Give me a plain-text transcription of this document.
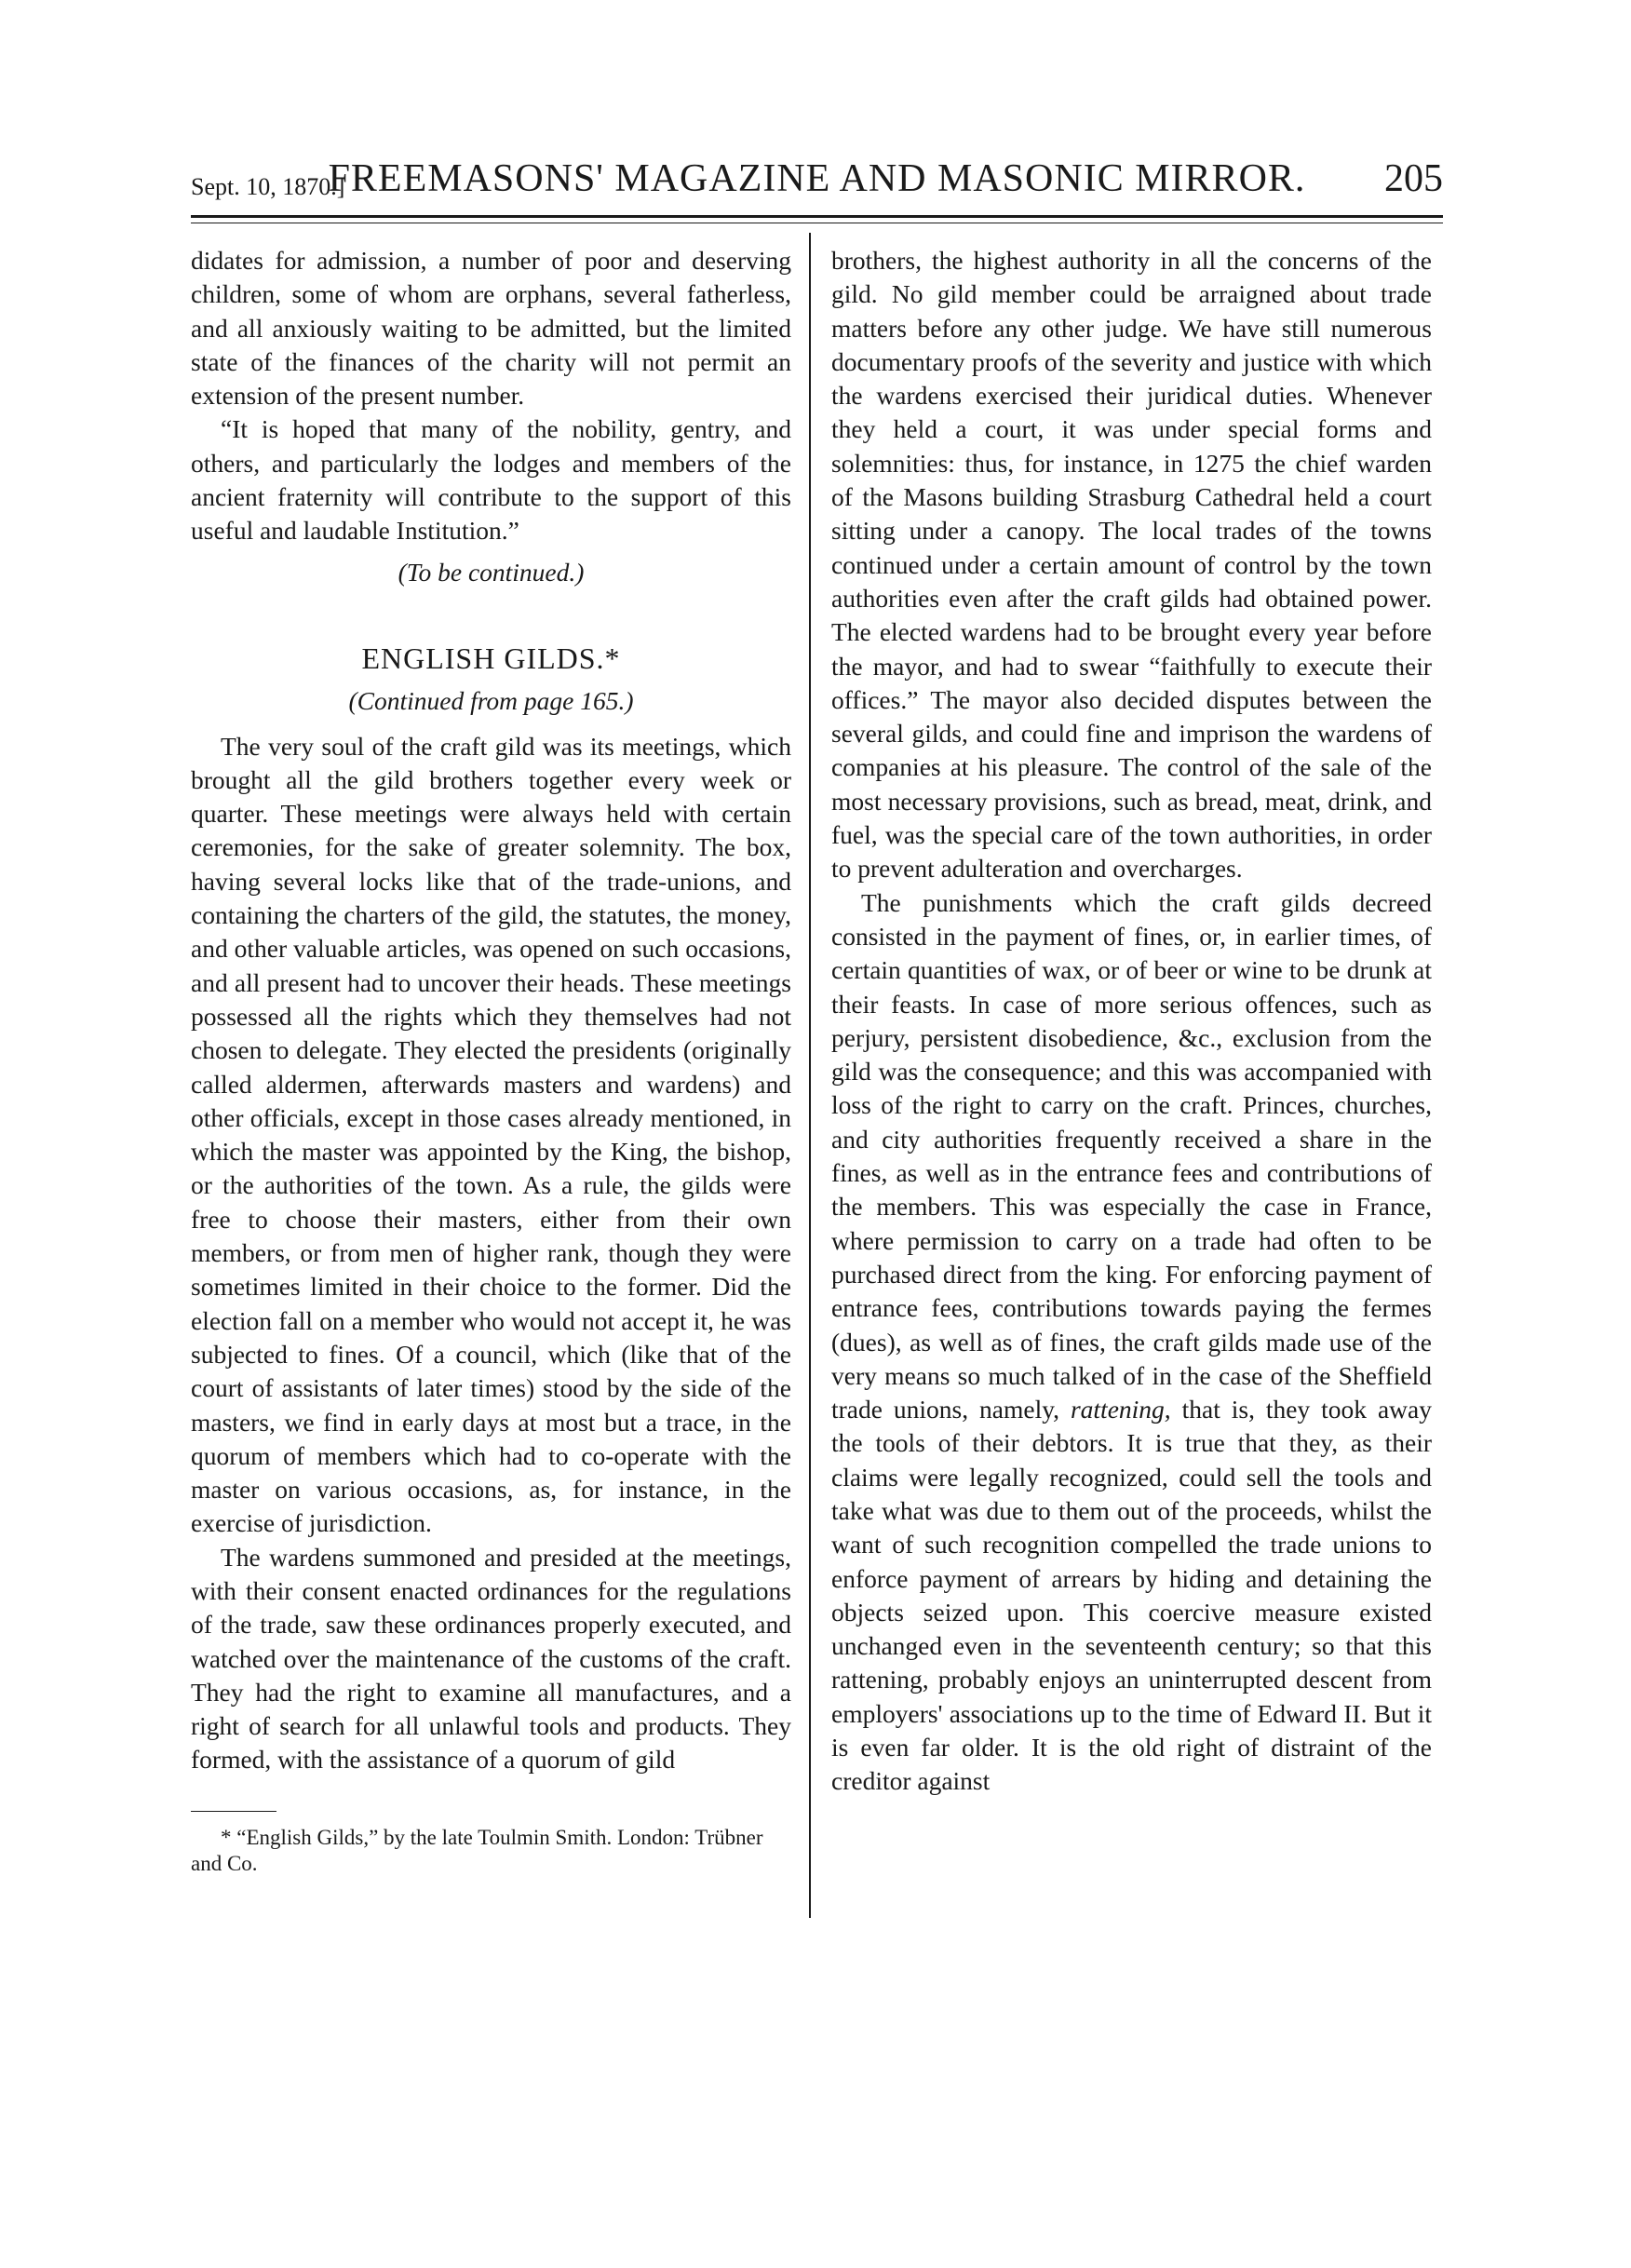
Sept. 10, 1870.]
FREEMASONS' MAGAZINE AND MASONIC MIRROR.	205

didates for admission, a number of poor and deserving children, some of whom are orphans, several fatherless, and all anxiously waiting to be admitted, but the limited state of the finances of the charity will not permit an extension of the present number.

“It is hoped that many of the nobility, gentry, and others, and particularly the lodges and members of the ancient fraternity will contribute to the support of this useful and laudable Institution.”

(To be continued.)

ENGLISH GILDS.*

(Continued from page 165.)

The very soul of the craft gild was its meetings, which brought all the gild brothers together every week or quarter. These meetings were always held with certain ceremonies, for the sake of greater solemnity. The box, having several locks like that of the trade-unions, and containing the charters of the gild, the statutes, the money, and other valuable articles, was opened on such occasions, and all present had to uncover their heads. These meetings possessed all the rights which they themselves had not chosen to delegate. They elected the presidents (originally called aldermen, afterwards masters and wardens) and other officials, except in those cases already mentioned, in which the master was appointed by the King, the bishop, or the authorities of the town. As a rule, the gilds were free to choose their masters, either from their own members, or from men of higher rank, though they were sometimes limited in their choice to the former. Did the election fall on a member who would not accept it, he was subjected to fines. Of a council, which (like that of the court of assistants of later times) stood by the side of the masters, we find in early days at most but a trace, in the quorum of members which had to co-operate with the master on various occasions, as, for instance, in the exercise of jurisdiction.

The wardens summoned and presided at the meetings, with their consent enacted ordinances for the regulations of the trade, saw these ordinances properly executed, and watched over the maintenance of the customs of the craft. They had the right to examine all manufactures, and a right of search for all unlawful tools and products. They formed, with the assistance of a quorum of gild

* “English Gilds,” by the late Toulmin Smith. London: Trübner and Co.

brothers, the highest authority in all the concerns of the gild. No gild member could be arraigned about trade matters before any other judge. We have still numerous documentary proofs of the severity and justice with which the wardens exercised their juridical duties. Whenever they held a court, it was under special forms and solemnities: thus, for instance, in 1275 the chief warden of the Masons building Strasburg Cathedral held a court sitting under a canopy. The local trades of the towns continued under a certain amount of control by the town authorities even after the craft gilds had obtained power. The elected wardens had to be brought every year before the mayor, and had to swear “faithfully to execute their offices.” The mayor also decided disputes between the several gilds, and could fine and imprison the wardens of companies at his pleasure. The control of the sale of the most necessary provisions, such as bread, meat, drink, and fuel, was the special care of the town authorities, in order to prevent adulteration and overcharges.

The punishments which the craft gilds decreed consisted in the payment of fines, or, in earlier times, of certain quantities of wax, or of beer or wine to be drunk at their feasts. In case of more serious offences, such as perjury, persistent disobedience, &c., exclusion from the gild was the consequence; and this was accompanied with loss of the right to carry on the craft. Princes, churches, and city authorities frequently received a share in the fines, as well as in the entrance fees and contributions of the members. This was especially the case in France, where permission to carry on a trade had often to be purchased direct from the king. For enforcing payment of entrance fees, contributions towards paying the fermes (dues), as well as of fines, the craft gilds made use of the very means so much talked of in the case of the Sheffield trade unions, namely, rattening, that is, they took away the tools of their debtors. It is true that they, as their claims were legally recognized, could sell the tools and take what was due to them out of the proceeds, whilst the want of such recognition compelled the trade unions to enforce payment of arrears by hiding and detaining the objects seized upon. This coercive measure existed unchanged even in the seventeenth century; so that this rattening, probably enjoys an uninterrupted descent from employers' associations up to the time of Edward II. But it is even far older. It is the old right of distraint of the creditor against
